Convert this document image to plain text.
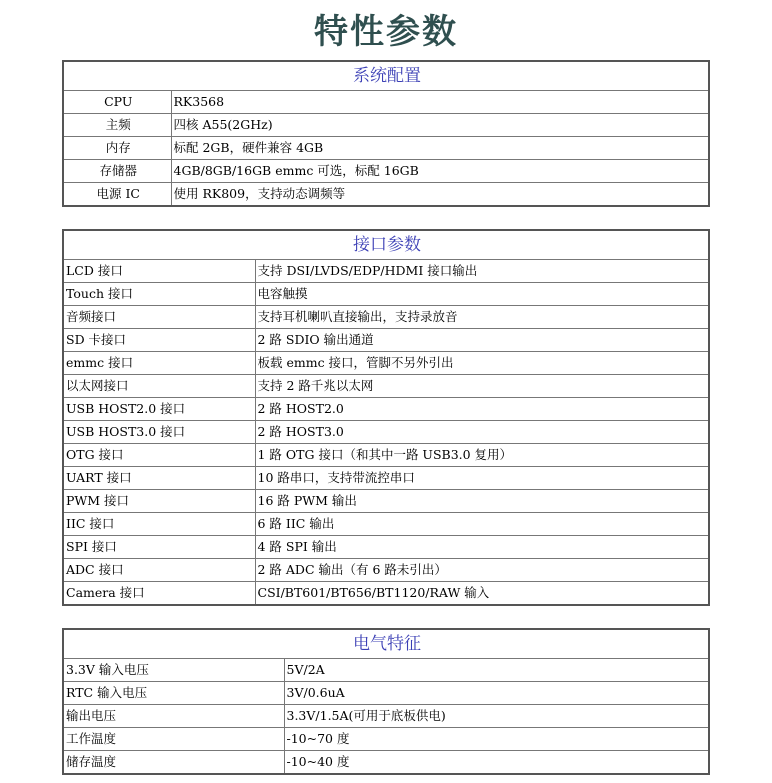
特性参数
系统配置	
CPU	RK3568
主频	四核 A55(2GHz)
内存	标配 2GB，硬件兼容 4GB
存储器	4GB/8GB/16GB emmc 可选，标配 16GB
电源 IC	使用 RK809，支持动态调频等
接口参数	
LCD 接口	支持 DSI/LVDS/EDP/HDMI 接口输出
Touch 接口	电容触摸
音频接口	支持耳机喇叭直接输出，支持录放音
SD 卡接口	2 路 SDIO 输出通道
emmc 接口	板载 emmc 接口，管脚不另外引出
以太网接口	支持 2 路千兆以太网
USB HOST2.0 接口	2 路 HOST2.0
USB HOST3.0 接口	2 路 HOST3.0
OTG 接口	1 路 OTG 接口（和其中一路 USB3.0 复用）
UART 接口	10 路串口，支持带流控串口
PWM 接口	16 路 PWM 输出
IIC 接口	6 路 IIC 输出
SPI 接口	4 路 SPI 输出
ADC 接口	2 路 ADC 输出（有 6 路未引出）
Camera 接口	CSI/BT601/BT656/BT1120/RAW 输入
电气特征	
3.3V 输入电压	5V/2A
RTC 输入电压	3V/0.6uA
输出电压	3.3V/1.5A(可用于底板供电)
工作温度	-10~70 度
储存温度	-10~40 度
